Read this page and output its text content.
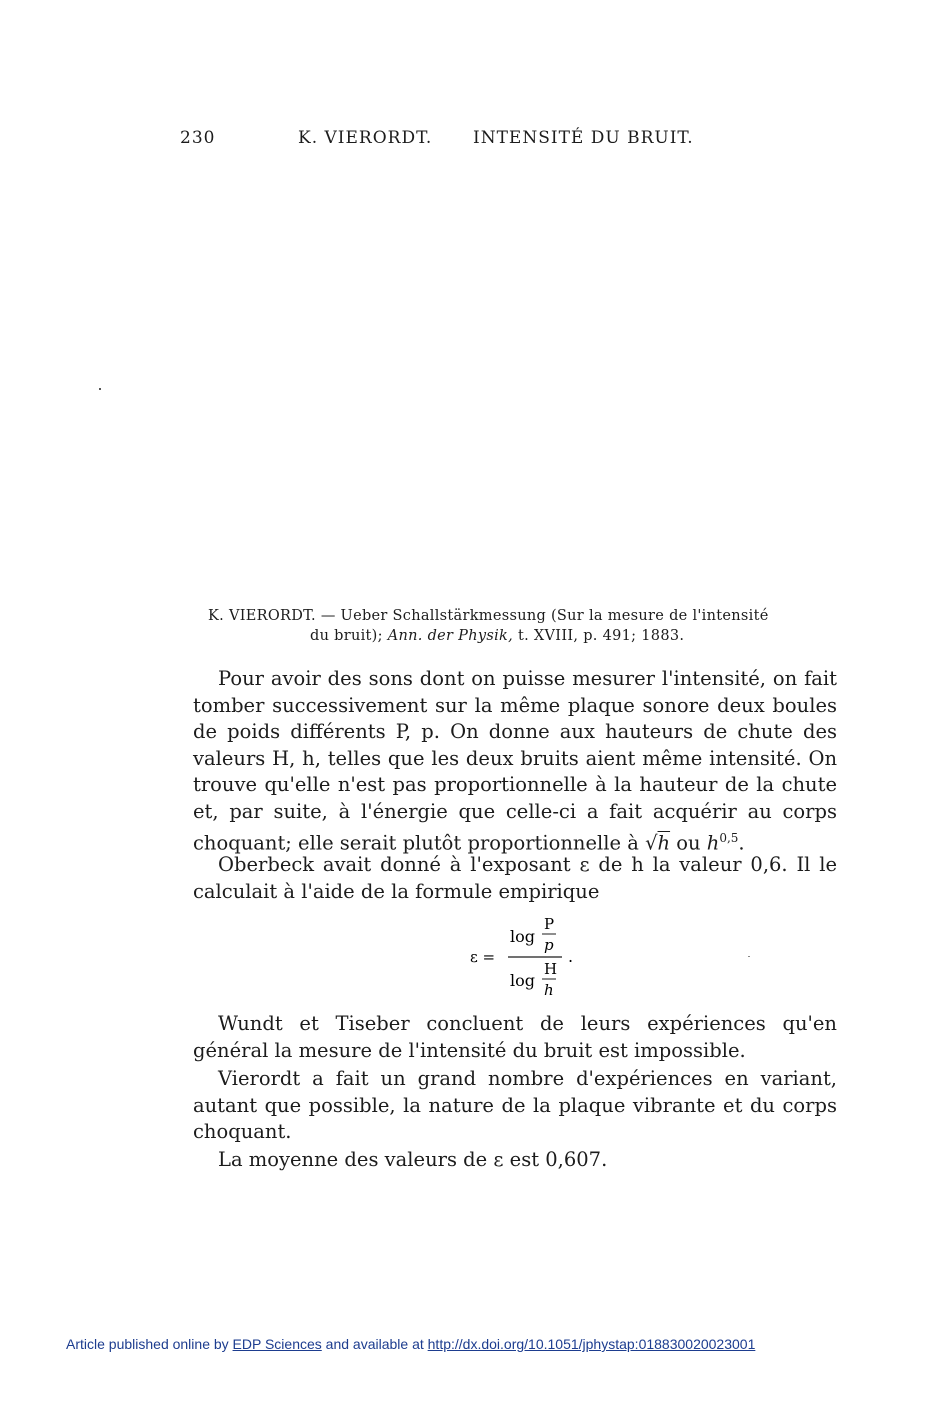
230	K. VIERORDT. INTENSITÉ DU BRUIT.
K. VIERORDT. — Ueber Schallstärkmessung (Sur la mesure de l'intensité
du bruit); Ann. der Physik, t. XVIII, p. 491; 1883.

Pour avoir des sons dont on puisse mesurer l'intensité, on fait tomber successivement sur la même plaque sonore deux boules de poids différents P, p. On donne aux hauteurs de chute des valeurs H, h, telles que les deux bruits aient même intensité. On trouve qu'elle n'est pas proportionnelle à la hauteur de la chute et, par suite, à l'énergie que celle-ci a fait acquérir au corps choquant; elle serait plutôt proportionnelle à √h ou $h^{0,5}$.

Oberbeck avait donné à l'exposant ε de h la valeur 0,6. Il le calculait à l'aide de la formule empirique

ε =
log
P
p
.
log
H
h

Wundt et Tiseber concluent de leurs expériences qu'en général la mesure de l'intensité du bruit est impossible.

Vierordt a fait un grand nombre d'expériences en variant, autant que possible, la nature de la plaque vibrante et du corps choquant.

La moyenne des valeurs de ε est 0,607.

Article published online by EDP Sciences and available at http://dx.doi.org/10.1051/jphystap:018830020023001
